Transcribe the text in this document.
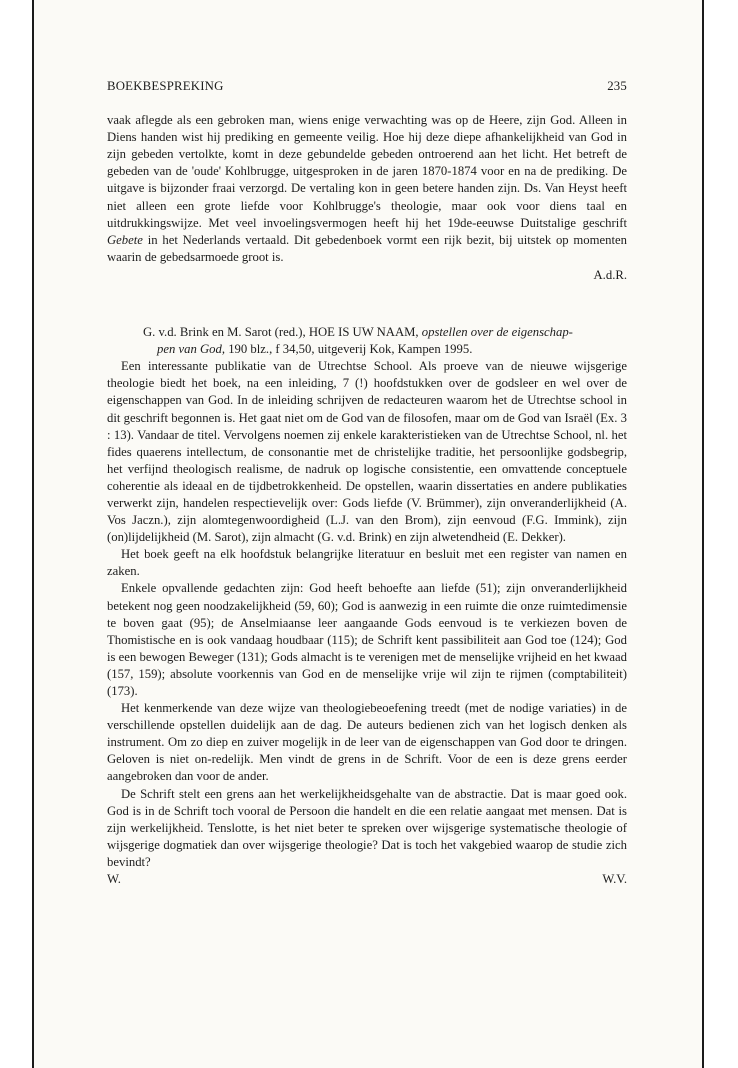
BOEKBESPREKING	235

vaak aflegde als een gebroken man, wiens enige verwachting was op de Heere, zijn God. Alleen in Diens handen wist hij prediking en gemeente veilig. Hoe hij deze diepe afhankelijkheid van God in zijn gebeden vertolkte, komt in deze gebundelde gebeden ontroerend aan het licht. Het betreft de gebeden van de 'oude' Kohlbrugge, uitgesproken in de jaren 1870-1874 voor en na de prediking. De uitgave is bijzonder fraai verzorgd. De vertaling kon in geen betere handen zijn. Ds. Van Heyst heeft niet alleen een grote liefde voor Kohlbrugge's theologie, maar ook voor diens taal en uitdrukkingswijze. Met veel invoelingsvermogen heeft hij het 19de-eeuwse Duitstalige geschrift Gebete in het Nederlands vertaald. Dit gebedenboek vormt een rijk bezit, bij uitstek op momenten waarin de gebedsarmoede groot is.

A.d.R.

G. v.d. Brink en M. Sarot (red.), HOE IS UW NAAM, opstellen over de eigenschap-
pen van God, 190 blz., f 34,50, uitgeverij Kok, Kampen 1995.

Een interessante publikatie van de Utrechtse School. Als proeve van de nieuwe wijsgerige theologie biedt het boek, na een inleiding, 7 (!) hoofdstukken over de godsleer en wel over de eigenschappen van God. In de inleiding schrijven de redacteuren waarom het de Utrechtse school in dit geschrift begonnen is. Het gaat niet om de God van de filosofen, maar om de God van Israël (Ex. 3 : 13). Vandaar de titel. Vervolgens noemen zij enkele karakteristieken van de Utrechtse School, nl. het fides quaerens intellectum, de consonantie met de christelijke traditie, het persoonlijke godsbegrip, het verfijnd theologisch realisme, de nadruk op logische consistentie, een omvattende conceptuele coherentie als ideaal en de tijdbetrokkenheid. De opstellen, waarin dissertaties en andere publikaties verwerkt zijn, handelen respectievelijk over: Gods liefde (V. Brümmer), zijn onveranderlijkheid (A. Vos Jaczn.), zijn alomtegenwoordigheid (L.J. van den Brom), zijn eenvoud (F.G. Immink), zijn (on)lijdelijkheid (M. Sarot), zijn almacht (G. v.d. Brink) en zijn alwetendheid (E. Dekker).

Het boek geeft na elk hoofdstuk belangrijke literatuur en besluit met een register van namen en zaken.

Enkele opvallende gedachten zijn: God heeft behoefte aan liefde (51); zijn onveranderlijkheid betekent nog geen noodzakelijkheid (59, 60); God is aanwezig in een ruimte die onze ruimtedimensie te boven gaat (95); de Anselmiaanse leer aangaande Gods eenvoud is te verkiezen boven de Thomistische en is ook vandaag houdbaar (115); de Schrift kent passibiliteit aan God toe (124); God is een bewogen Beweger (131); Gods almacht is te verenigen met de menselijke vrijheid en het kwaad (157, 159); absolute voorkennis van God en de menselijke vrije wil zijn te rijmen (comptabiliteit) (173).

Het kenmerkende van deze wijze van theologiebeoefening treedt (met de nodige variaties) in de verschillende opstellen duidelijk aan de dag. De auteurs bedienen zich van het logisch denken als instrument. Om zo diep en zuiver mogelijk in de leer van de eigenschappen van God door te dringen. Geloven is niet on-redelijk. Men vindt de grens in de Schrift. Voor de een is deze grens eerder aangebroken dan voor de ander.

De Schrift stelt een grens aan het werkelijkheidsgehalte van de abstractie. Dat is maar goed ook. God is in de Schrift toch vooral de Persoon die handelt en die een relatie aangaat met mensen. Dat is zijn werkelijkheid. Tenslotte, is het niet beter te spreken over wijsgerige systematische theologie of wijsgerige dogmatiek dan over wijsgerige theologie? Dat is toch het vakgebied waarop de studie zich bevindt?

W.	W.V.
